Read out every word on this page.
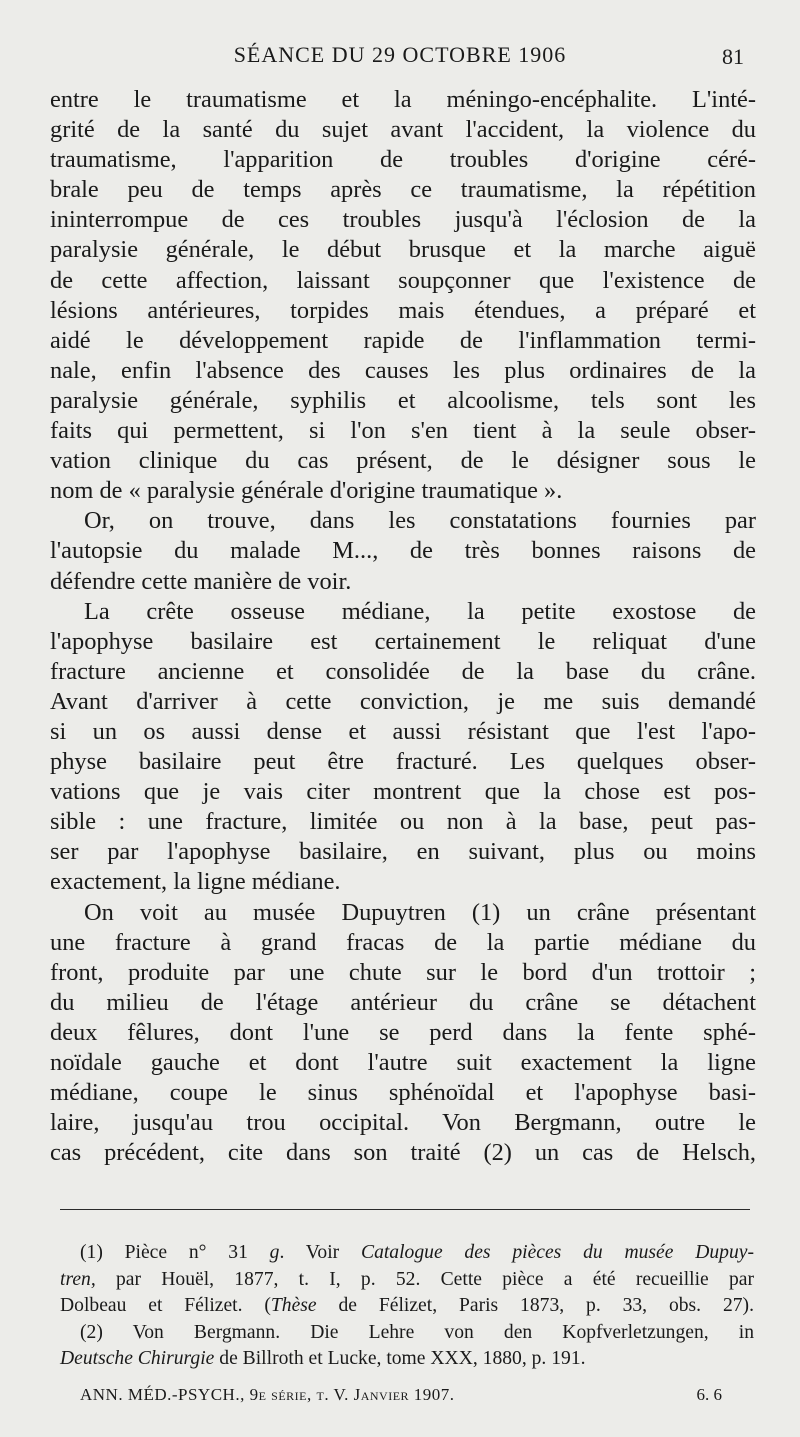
SÉANCE DU 29 OCTOBRE 1906	81
entre le traumatisme et la méningo-encéphalite. L'inté-
grité de la santé du sujet avant l'accident, la violence du
traumatisme, l'apparition de troubles d'origine céré-
brale peu de temps après ce traumatisme, la répétition
ininterrompue de ces troubles jusqu'à l'éclosion de la
paralysie générale, le début brusque et la marche aiguë
de cette affection, laissant soupçonner que l'existence de
lésions antérieures, torpides mais étendues, a préparé et
aidé le développement rapide de l'inflammation termi-
nale, enfin l'absence des causes les plus ordinaires de la
paralysie générale, syphilis et alcoolisme, tels sont les
faits qui permettent, si l'on s'en tient à la seule obser-
vation clinique du cas présent, de le désigner sous le
nom de « paralysie générale d'origine traumatique ».
Or, on trouve, dans les constatations fournies par
l'autopsie du malade M..., de très bonnes raisons de
défendre cette manière de voir.
La crête osseuse médiane, la petite exostose de
l'apophyse basilaire est certainement le reliquat d'une
fracture ancienne et consolidée de la base du crâne.
Avant d'arriver à cette conviction, je me suis demandé
si un os aussi dense et aussi résistant que l'est l'apo-
physe basilaire peut être fracturé. Les quelques obser-
vations que je vais citer montrent que la chose est pos-
sible : une fracture, limitée ou non à la base, peut pas-
ser par l'apophyse basilaire, en suivant, plus ou moins
exactement, la ligne médiane.
On voit au musée Dupuytren (1) un crâne présentant
une fracture à grand fracas de la partie médiane du
front, produite par une chute sur le bord d'un trottoir ;
du milieu de l'étage antérieur du crâne se détachent
deux fêlures, dont l'une se perd dans la fente sphé-
noïdale gauche et dont l'autre suit exactement la ligne
médiane, coupe le sinus sphénoïdal et l'apophyse basi-
laire, jusqu'au trou occipital. Von Bergmann, outre le
cas précédent, cite dans son traité (2) un cas de Helsch,
(1) Pièce n° 31 g. Voir Catalogue des pièces du musée Dupuy-
tren, par Houël, 1877, t. I, p. 52. Cette pièce a été recueillie par
Dolbeau et Félizet. (Thèse de Félizet, Paris 1873, p. 33, obs. 27).
(2) Von Bergmann. Die Lehre von den Kopfverletzungen, in
Deutsche Chirurgie de Billroth et Lucke, tome XXX, 1880, p. 191.
ANN. MÉD.-PSYCH., 9e série, t. V. Janvier 1907.	6. 6
